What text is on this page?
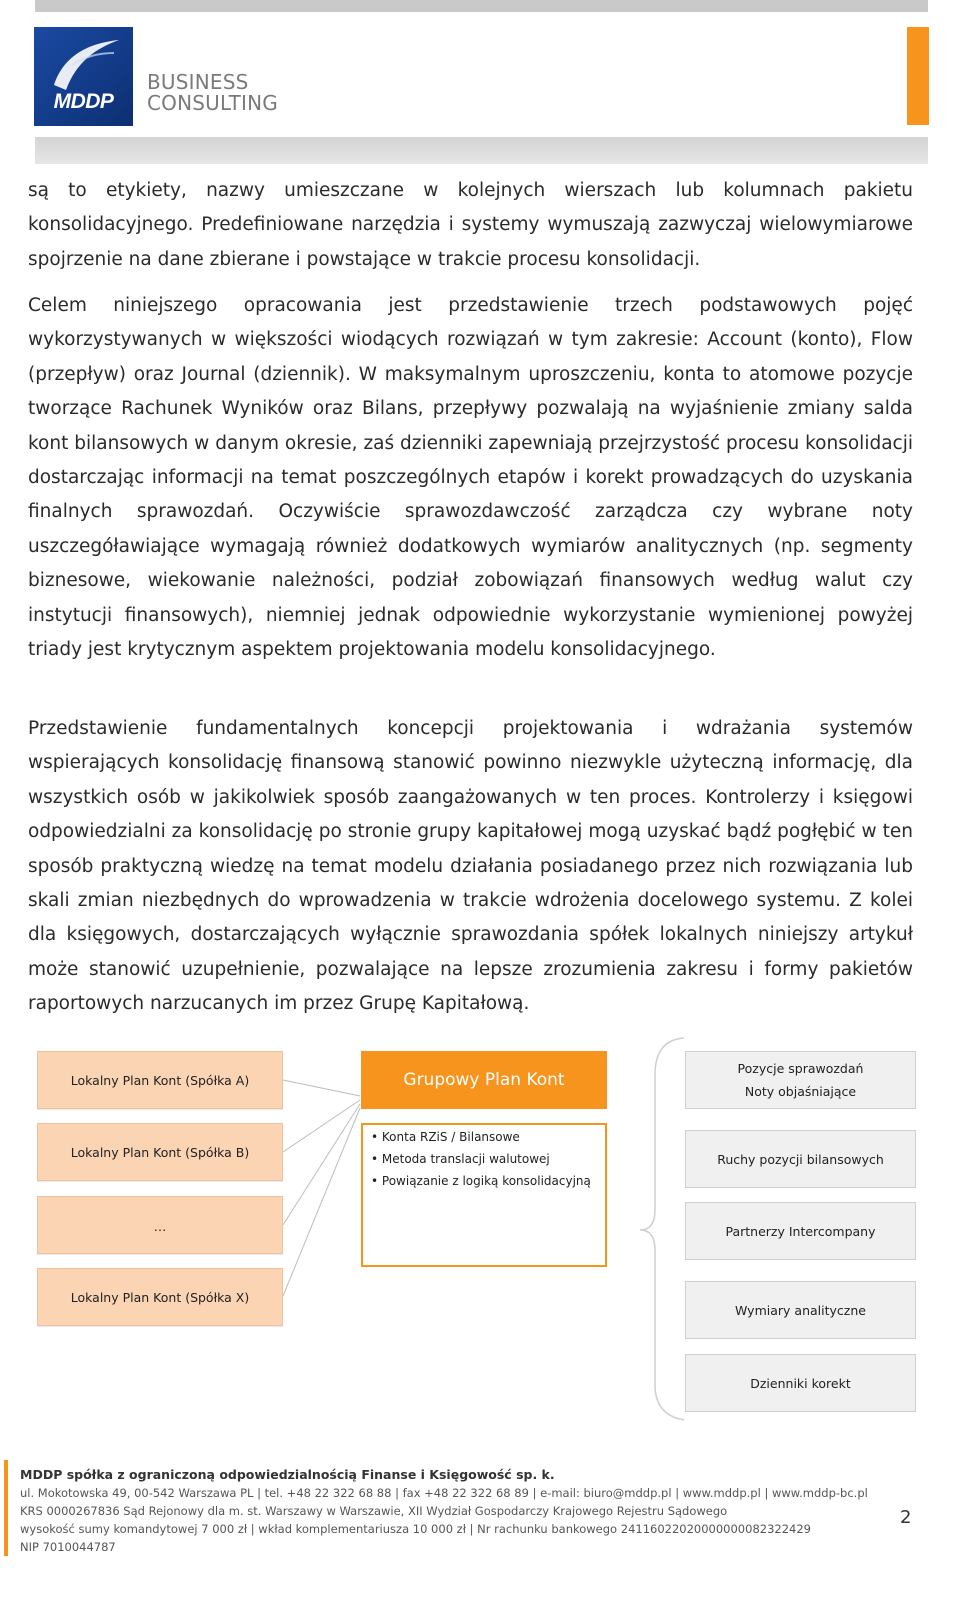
MDDP
BUSINESS
CONSULTING

są to etykiety, nazwy umieszczane w kolejnych wierszach lub kolumnach pakietu konsolidacyjnego. Predefiniowane narzędzia i systemy wymuszają zazwyczaj wielowymiarowe spojrzenie na dane zbierane i powstające w trakcie procesu konsolidacji.

Celem niniejszego opracowania jest przedstawienie trzech podstawowych pojęć wykorzystywanych w większości wiodących rozwiązań w tym zakresie: Account (konto), Flow (przepływ) oraz Journal (dziennik). W maksymalnym uproszczeniu, konta to atomowe pozycje tworzące Rachunek Wyników oraz Bilans, przepływy pozwalają na wyjaśnienie zmiany salda kont bilansowych w danym okresie, zaś dzienniki zapewniają przejrzystość procesu konsolidacji dostarczając informacji na temat poszczególnych etapów i korekt prowadzących do uzyskania finalnych sprawozdań. Oczywiście sprawozdawczość zarządcza czy wybrane noty uszczegóławiające wymagają również dodatkowych wymiarów analitycznych (np. segmenty biznesowe, wiekowanie należności, podział zobowiązań finansowych według walut czy instytucji finansowych), niemniej jednak odpowiednie wykorzystanie wymienionej powyżej triady jest krytycznym aspektem projektowania modelu konsolidacyjnego.

Przedstawienie fundamentalnych koncepcji projektowania i wdrażania systemów wspierających konsolidację finansową stanowić powinno niezwykle użyteczną informację, dla wszystkich osób w jakikolwiek sposób zaangażowanych w ten proces. Kontrolerzy i księgowi odpowiedzialni za konsolidację po stronie grupy kapitałowej mogą uzyskać bądź pogłębić w ten sposób praktyczną wiedzę na temat modelu działania posiadanego przez nich rozwiązania lub skali zmian niezbędnych do wprowadzenia w trakcie wdrożenia docelowego systemu. Z kolei dla księgowych, dostarczających wyłącznie sprawozdania spółek lokalnych niniejszy artykuł może stanowić uzupełnienie, pozwalające na lepsze zrozumienia zakresu i formy pakietów raportowych narzucanych im przez Grupę Kapitałową.

Lokalny Plan Kont (Spółka A)
Lokalny Plan Kont (Spółka B)
…
Lokalny Plan Kont (Spółka X)
Grupowy Plan Kont
• Konta RZiS / Bilansowe
• Metoda translacji walutowej
• Powiązanie z logiką konsolidacyjną
Pozycje sprawozdań
Noty objaśniające
Ruchy pozycji bilansowych
Partnerzy Intercompany
Wymiary analityczne
Dzienniki korekt
MDDP spółka z ograniczoną odpowiedzialnością Finanse i Księgowość sp. k.
ul. Mokotowska 49, 00-542 Warszawa PL | tel. +48 22 322 68 88 | fax +48 22 322 68 89 | e-mail: biuro@mddp.pl | www.mddp.pl | www.mddp-bc.pl
KRS 0000267836 Sąd Rejonowy dla m. st. Warszawy w Warszawie, XII Wydział Gospodarczy Krajowego Rejestru Sądowego
wysokość sumy komandytowej 7 000 zł | wkład komplementariusza 10 000 zł | Nr rachunku bankowego 24116022020000000082322429
NIP 7010044787
2
